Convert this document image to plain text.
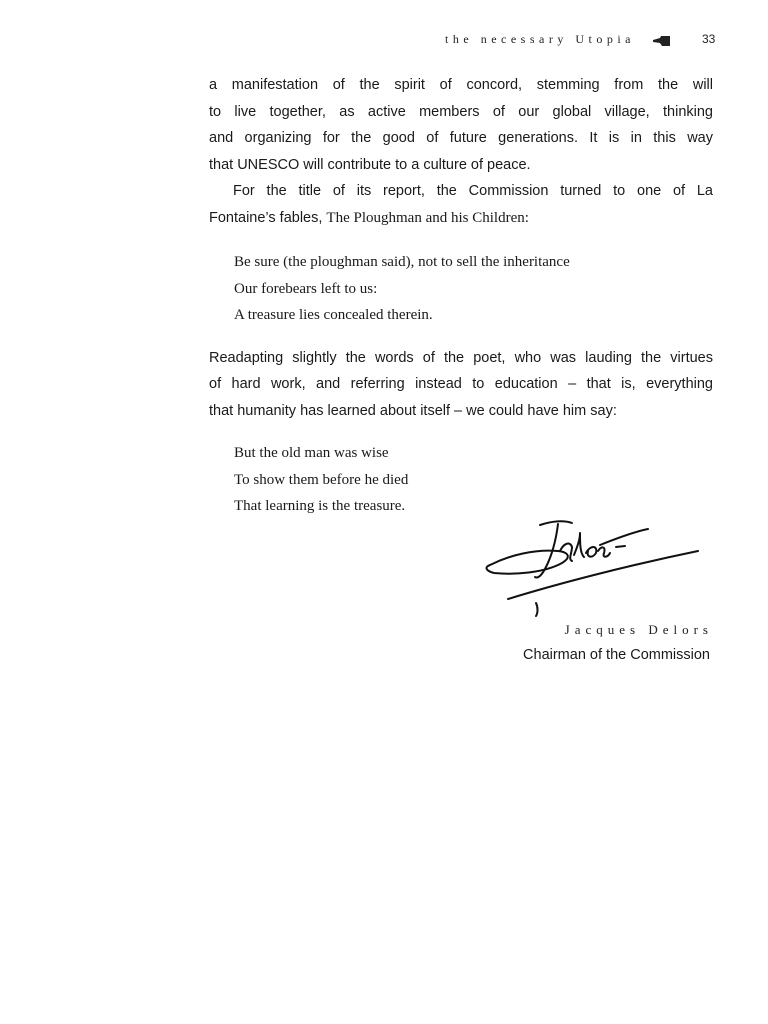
the necessary Utopia	33
a manifestation of the spirit of concord, stemming from the will
to live together, as active members of our global village, thinking
and organizing for the good of future generations. It is in this way
that UNESCO will contribute to a culture of peace.
For the title of its report, the Commission turned to one of La
Fontaine’s fables, The Ploughman and his Children:
Be sure (the ploughman said), not to sell the inheritance
Our forebears left to us:
A treasure lies concealed therein.
Readapting slightly the words of the poet, who was lauding the virtues
of hard work, and referring instead to education – that is, everything
that humanity has learned about itself – we could have him say:
But the old man was wise
To show them before he died
That learning is the treasure.
Jacques Delors
Chairman of the Commission
